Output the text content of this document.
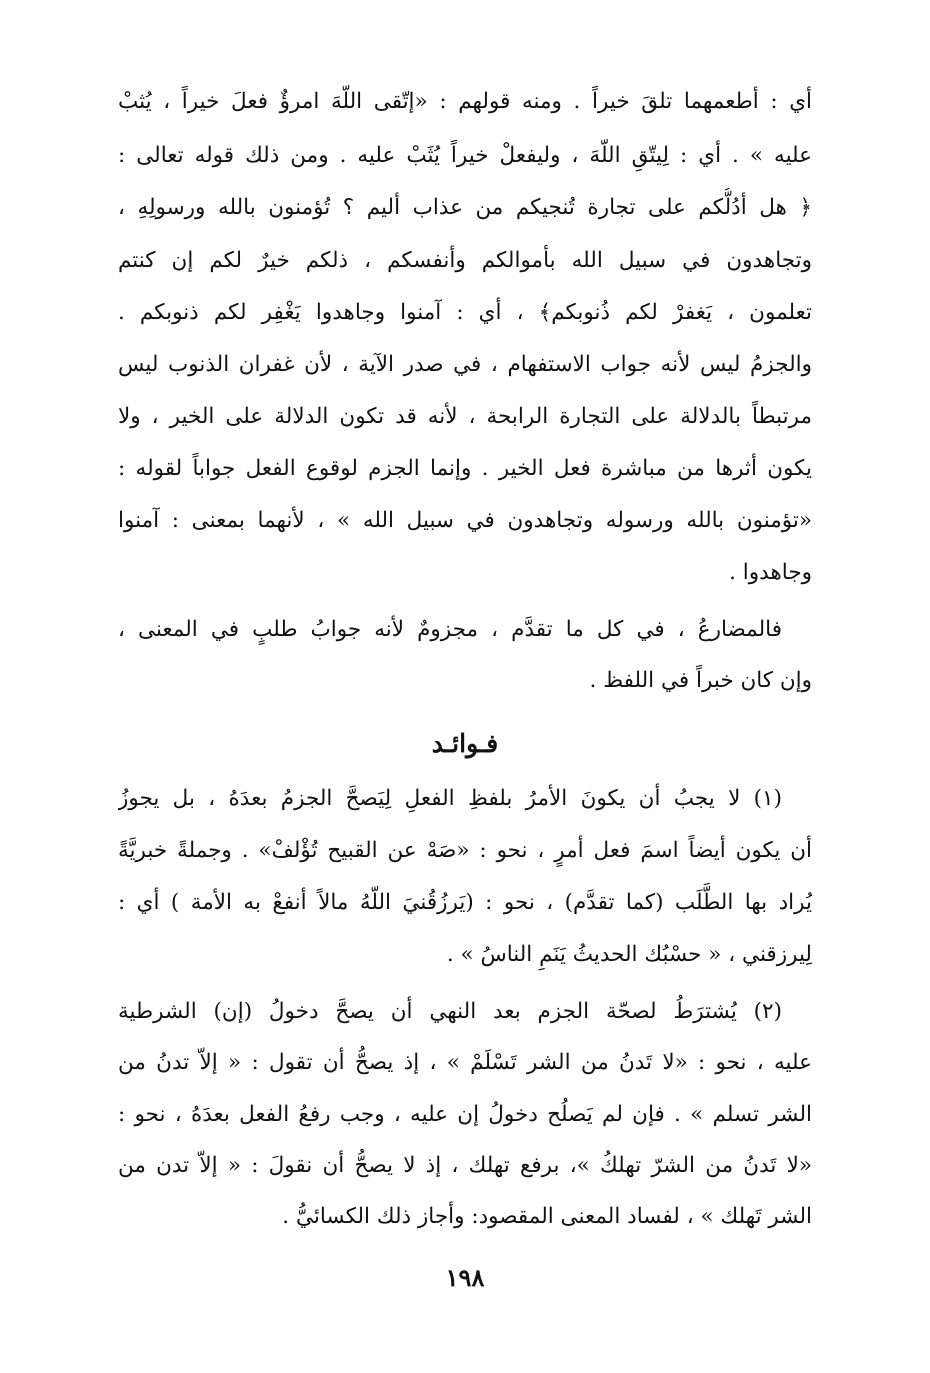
أي : أطعمهما تلقَ خيراً . ومنه قولهم : «إتّقى اللّهَ امرؤٌ فعلَ خيراً ، يُثبْ
عليه » . أي : لِيتّقِ اللّهَ ، وليفعلْ خيراً يُثَبْ عليه . ومن ذلك قوله تعالى :
﴿ هل أدُلُّكم على تجارة تُنجيكم من عذاب أليم ؟ تُؤمنون بالله ورسولِهِ ،
وتجاهدون في سبيل الله بأموالكم وأنفسكم ، ذلكم خيرٌ لكم إن كنتم
تعلمون ، يَغفرْ لكم ذُنوبكم﴾ ، أي : آمنوا وجاهدوا يَغْفِر لكم ذنوبكم .
والجزمُ ليس لأنه جواب الاستفهام ، في صدر الآية ، لأن غفران الذنوب ليس
مرتبطاً بالدلالة على التجارة الرابحة ، لأنه قد تكون الدلالة على الخير ، ولا
يكون أثرها من مباشرة فعل الخير . وإنما الجزم لوقوع الفعل جواباً لقوله :
«تؤمنون بالله ورسوله وتجاهدون في سبيل الله » ، لأنهما بمعنى : آمنوا
وجاهدوا .
فالمضارعُ ، في كل ما تقدَّم ، مجزومٌ لأنه جوابُ طلبٍ في المعنى ،
وإن كان خبراً في اللفظ .
فـوائـد
(١) لا يجبُ أن يكونَ الأمرُ بلفظِ الفعلِ لِيَصحَّ الجزمُ بعدَهُ ، بل يجوزُ
أن يكون أيضاً اسمَ فعل أمرٍ ، نحو : «صَهْ عن القبيح تُؤْلفْ» . وجملةً خبريَّةً
يُراد بها الطَّلَب (كما تقدَّم) ، نحو : (يَرزُقُنيَ اللّهُ مالاً أنفعْ به الأمة ) أي :
لِيرزقني ، « حسْبُك الحديثُ يَنَمِ الناسُ » .
(٢) يُشترَطُ لصحّة الجزم بعد النهي أن يصحَّ دخولُ (إن) الشرطية
عليه ، نحو : «لا تَدنُ من الشر تَسْلَمْ » ، إذ يصحُّ أن تقول : « إلاّ تدنُ من
الشر تسلم » . فإن لم يَصلُح دخولُ إن عليه ، وجب رفعُ الفعل بعدَهُ ، نحو :
«لا تَدنُ من الشرّ تهلكُ »، برفع تهلك ، إذ لا يصحُّ أن نقولَ : « إلاّ تدن من
الشر تَهلك » ، لفساد المعنى المقصود: وأجاز ذلك الكسائيُّ .
١٩٨
